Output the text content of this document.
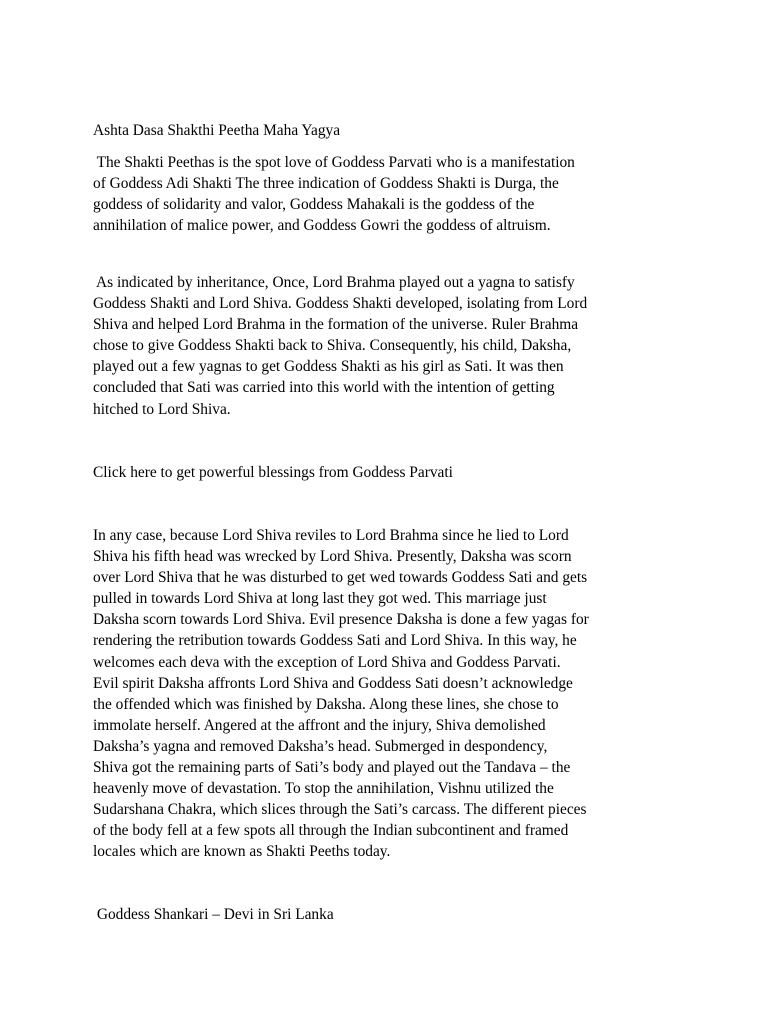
Ashta Dasa Shakthi Peetha Maha Yagya

The Shakti Peethas is the spot love of Goddess Parvati who is a manifestation
of Goddess Adi Shakti The three indication of Goddess Shakti is Durga, the
goddess of solidarity and valor, Goddess Mahakali is the goddess of the
annihilation of malice power, and Goddess Gowri the goddess of altruism.

As indicated by inheritance, Once, Lord Brahma played out a yagna to satisfy
Goddess Shakti and Lord Shiva. Goddess Shakti developed, isolating from Lord
Shiva and helped Lord Brahma in the formation of the universe. Ruler Brahma
chose to give Goddess Shakti back to Shiva. Consequently, his child, Daksha,
played out a few yagnas to get Goddess Shakti as his girl as Sati. It was then
concluded that Sati was carried into this world with the intention of getting
hitched to Lord Shiva.

Click here to get powerful blessings from Goddess Parvati

In any case, because Lord Shiva reviles to Lord Brahma since he lied to Lord
Shiva his fifth head was wrecked by Lord Shiva. Presently, Daksha was scorn
over Lord Shiva that he was disturbed to get wed towards Goddess Sati and gets
pulled in towards Lord Shiva at long last they got wed. This marriage just
Daksha scorn towards Lord Shiva. Evil presence Daksha is done a few yagas for
rendering the retribution towards Goddess Sati and Lord Shiva. In this way, he
welcomes each deva with the exception of Lord Shiva and Goddess Parvati.
Evil spirit Daksha affronts Lord Shiva and Goddess Sati doesn’t acknowledge
the offended which was finished by Daksha. Along these lines, she chose to
immolate herself. Angered at the affront and the injury, Shiva demolished
Daksha’s yagna and removed Daksha’s head. Submerged in despondency,
Shiva got the remaining parts of Sati’s body and played out the Tandava – the
heavenly move of devastation. To stop the annihilation, Vishnu utilized the
Sudarshana Chakra, which slices through the Sati’s carcass. The different pieces
of the body fell at a few spots all through the Indian subcontinent and framed
locales which are known as Shakti Peeths today.

Goddess Shankari – Devi in Sri Lanka
